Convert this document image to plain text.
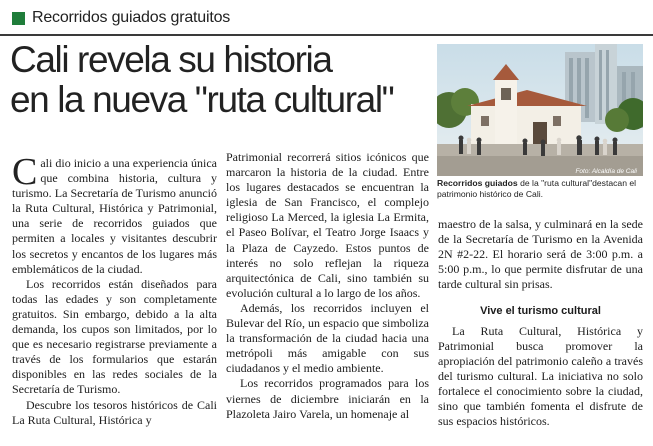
Recorridos guiados gratuitos
Cali revela su historia
en la nueva "ruta cultural"
Foto: Alcaldía de Cali
Recorridos guiados de la "ruta cultural"destacan el patrimonio histórico de Cali.

Cali dio inicio a una experiencia única que combina historia, cultura y turismo. La Secretaría de Turismo anunció la Ruta Cultural, Histórica y Patrimonial, una serie de recorridos guiados que permiten a locales y visitantes descubrir los secretos y encantos de los lugares más emblemáticos de la ciudad.

Los recorridos están diseñados para todas las edades y son completamente gratuitos. Sin embargo, debido a la alta demanda, los cupos son limitados, por lo que es necesario registrarse previamente a través de los formularios que estarán disponibles en las redes sociales de la Secretaría de Turismo.

Descubre los tesoros históricos de Cali La Ruta Cultural, Histórica y

Patrimonial recorrerá sitios icónicos que marcaron la historia de la ciudad. Entre los lugares destacados se encuentran la iglesia de San Francisco, el complejo religioso La Merced, la iglesia La Ermita, el Paseo Bolívar, el Teatro Jorge Isaacs y la Plaza de Cayzedo. Estos puntos de interés no solo reflejan la riqueza arquitectónica de Cali, sino también su evolución cultural a lo largo de los años.

Además, los recorridos incluyen el Bulevar del Río, un espacio que simboliza la transformación de la ciudad hacia una metrópoli más amigable con sus ciudadanos y el medio ambiente.

Los recorridos programados para los viernes de diciembre iniciarán en la Plazoleta Jairo Varela, un homenaje al

maestro de la salsa, y culminará en la sede de la Secretaría de Turismo en la Avenida 2N #2-22. El horario será de 3:00 p.m. a 5:00 p.m., lo que permite disfrutar de una tarde cultural sin prisas.

Vive el turismo cultural

La Ruta Cultural, Histórica y Patrimonial busca promover la apropiación del patrimonio caleño a través del turismo cultural. La iniciativa no solo fortalece el conocimiento sobre la ciudad, sino que también fomenta el disfrute de sus espacios históricos.
